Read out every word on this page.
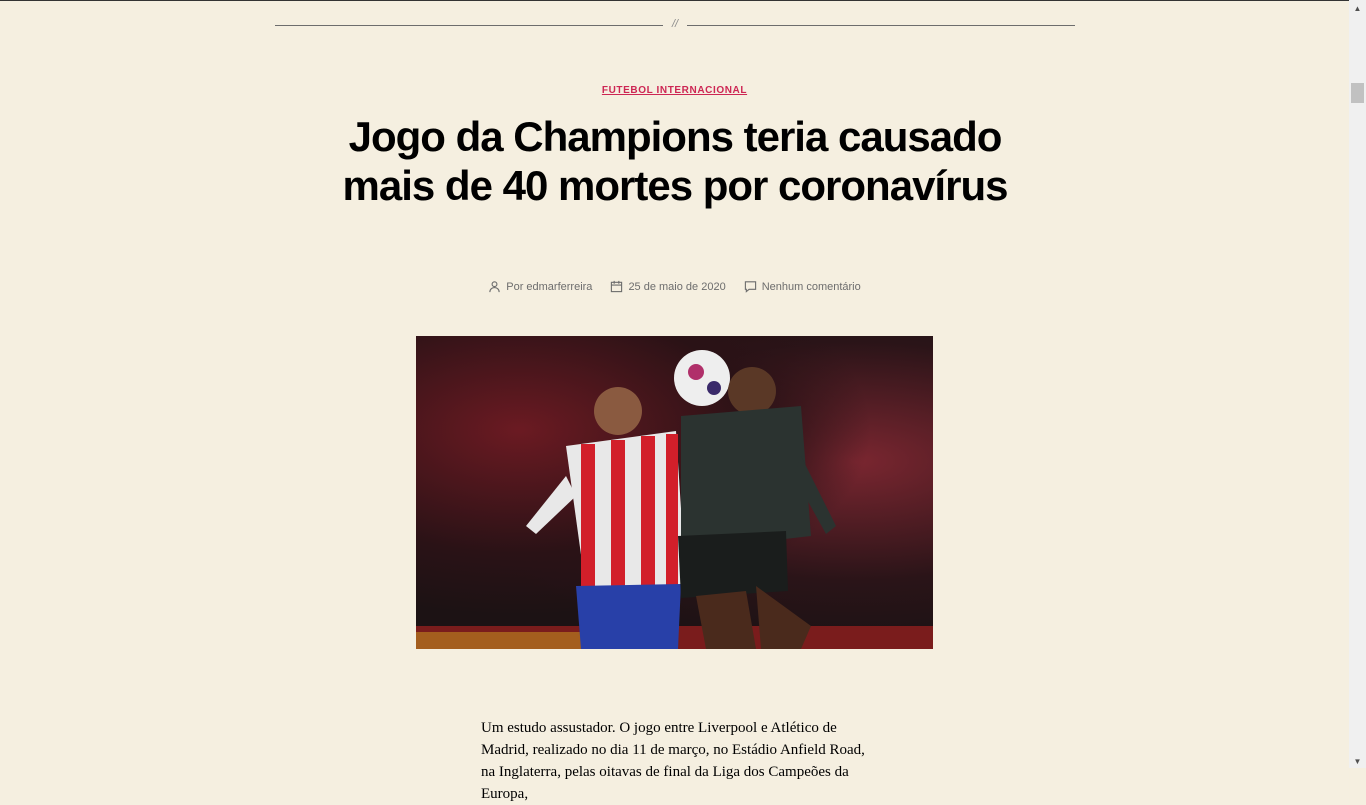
//
FUTEBOL INTERNACIONAL
Jogo da Champions teria causado mais de 40 mortes por coronavírus
Por edmarferreira	25 de maio de 2020	Nenhum comentário

Um estudo assustador. O jogo entre Liverpool e Atlético de Madrid, realizado no dia 11 de março, no Estádio Anfield Road, na Inglaterra, pelas oitavas de final da Liga dos Campeões da Europa,

▲
▼
